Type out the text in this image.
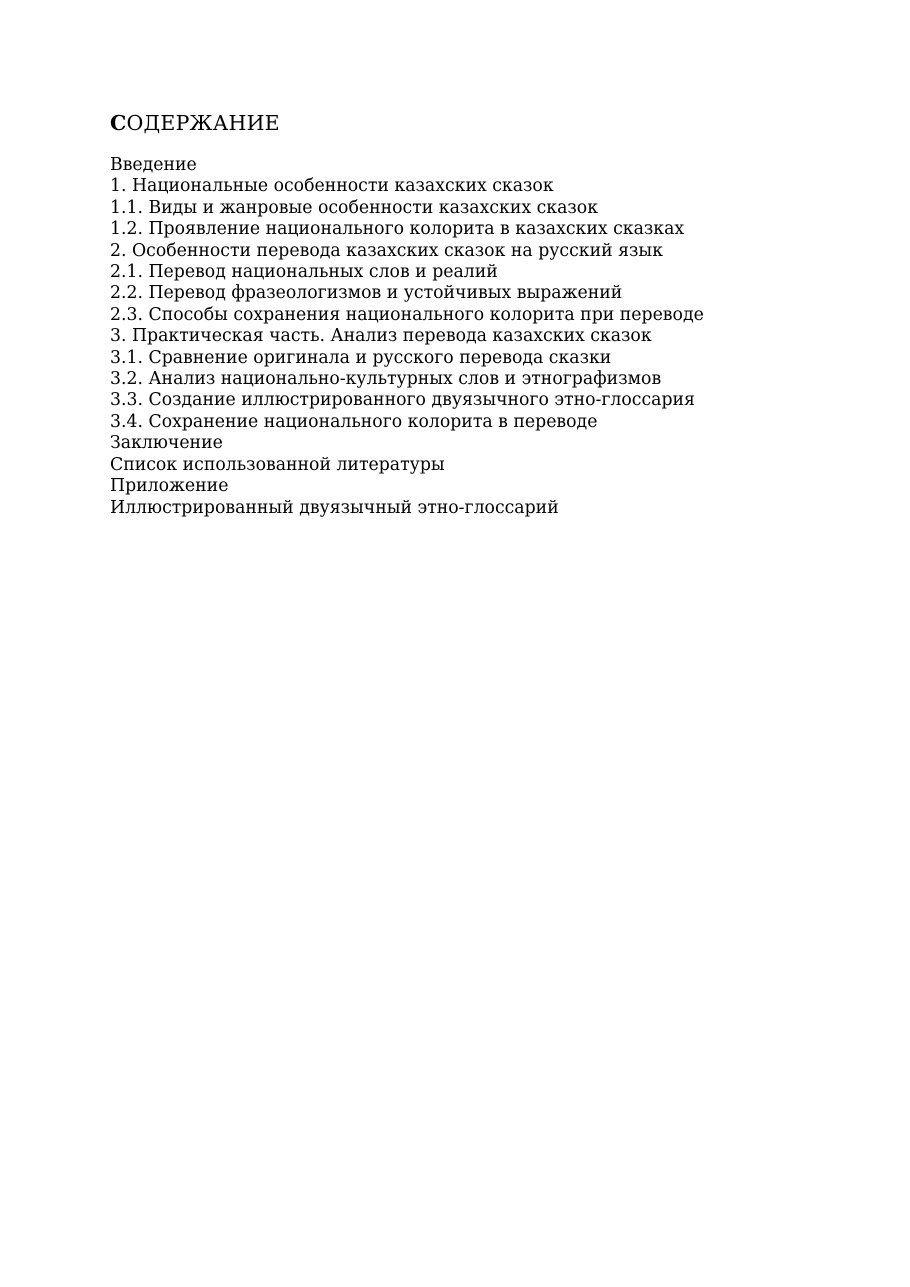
СОДЕРЖАНИЕ
Введение
1. Национальные особенности казахских сказок
1.1. Виды и жанровые особенности казахских сказок
1.2. Проявление национального колорита в казахских сказках
2. Особенности перевода казахских сказок на русский язык
2.1. Перевод национальных слов и реалий
2.2. Перевод фразеологизмов и устойчивых выражений
2.3. Способы сохранения национального колорита при переводе
3. Практическая часть. Анализ перевода казахских сказок
3.1. Сравнение оригинала и русского перевода сказки
3.2. Анализ национально-культурных слов и этнографизмов
3.3. Создание иллюстрированного двуязычного этно-глоссария
3.4. Сохранение национального колорита в переводе
Заключение
Список использованной литературы
Приложение
Иллюстрированный двуязычный этно-глоссарий
